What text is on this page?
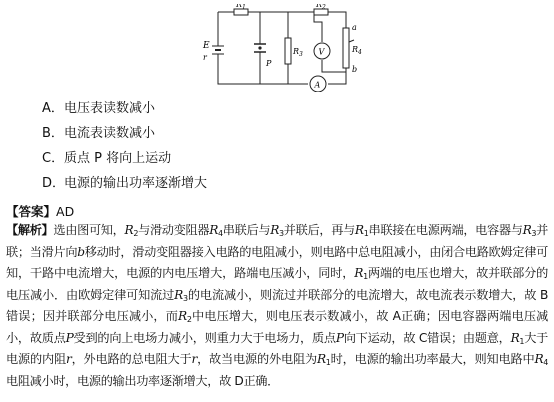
$R_1$	$R_2$
$R_3$
$R_4$
E
r
P
a
b
V
A
A．电压表读数减小
B．电流表读数减小
C．质点 P 将向上运动
D．电源的输出功率逐渐增大
【答案】AD
【解析】选由图可知，$R_2$与滑动变阻器$R_4$串联后与$R_3$并联后，再与$R_1$串联接在电源两端，电容器与$R_3$并联；当滑片向b移动时，滑动变阻器接入电路的电阻减小，则电路中总电阻减小，由闭合电路欧姆定律可知，干路中电流增大，电源的内电压增大，路端电压减小，同时，$R_1$两端的电压也增大，故并联部分的电压减小．由欧姆定律可知流过$R_3$的电流减小，则流过并联部分的电流增大，故电流表示数增大，故 B错误；因并联部分电压减小，而$R_2$中电压增大，则电压表示数减小，故 A正确；因电容器两端电压减小，故质点P受到的向上电场力减小，则重力大于电场力，质点P向下运动，故 C错误；由题意，$R_1$大于电源的内阻r，外电路的总电阻大于r，故当电源的外电阻为$R_1$时，电源的输出功率最大，则知电路中$R_4$电阻减小时，电源的输出功率逐渐增大，故 D正确．
